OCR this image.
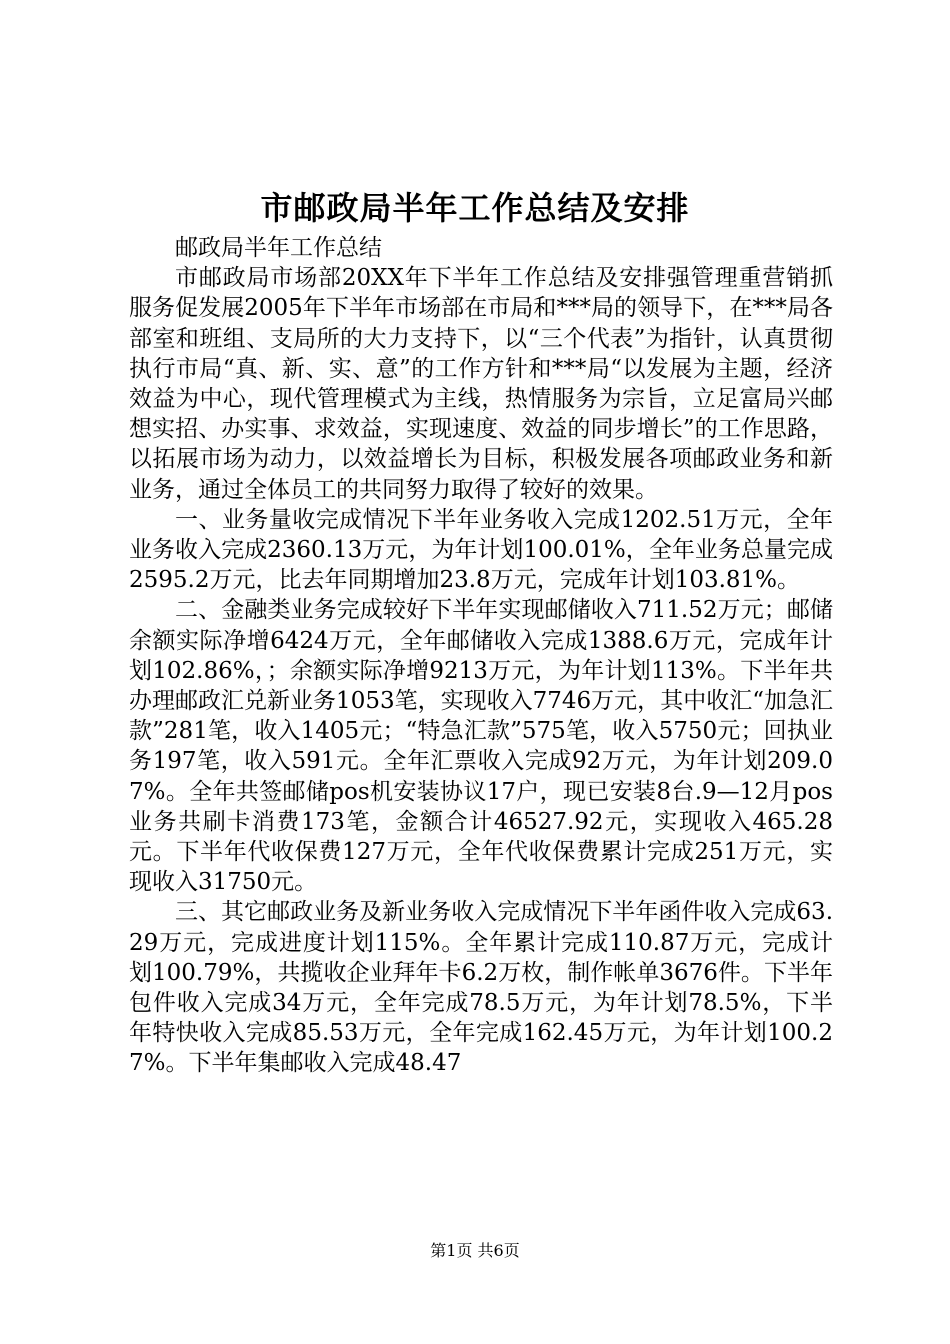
市邮政局半年工作总结及安排

邮政局半年工作总结

市邮政局市场部20XX年下半年工作总结及安排强管理重营销抓服务促发展2005年下半年市场部在市局和***局的领导下，在***局各部室和班组、支局所的大力支持下，以“三个代表”为指针，认真贯彻执行市局“真、新、实、意”的工作方针和***局“以发展为主题，经济效益为中心，现代管理模式为主线，热情服务为宗旨，立足富局兴邮想实招、办实事、求效益，实现速度、效益的同步增长”的工作思路，以拓展市场为动力，以效益增长为目标，积极发展各项邮政业务和新业务，通过全体员工的共同努力取得了较好的效果。

一、业务量收完成情况下半年业务收入完成1202.51万元，全年业务收入完成2360.13万元，为年计划100.01%，全年业务总量完成2595.2万元，比去年同期增加23.8万元，完成年计划103.81%。

二、金融类业务完成较好下半年实现邮储收入711.52万元；邮储余额实际净增6424万元，全年邮储收入完成1388.6万元，完成年计划102.86%，；余额实际净增9213万元，为年计划113%。下半年共办理邮政汇兑新业务1053笔，实现收入7746万元，其中收汇“加急汇款”281笔，收入1405元；“特急汇款”575笔，收入5750元；回执业务197笔，收入591元。全年汇票收入完成92万元，为年计划209.07%。全年共签邮储pos机安装协议17户，现已安装8台.9—12月pos业务共刷卡消费173笔，金额合计46527.92元，实现收入465.28元。下半年代收保费127万元，全年代收保费累计完成251万元，实现收入31750元。

三、其它邮政业务及新业务收入完成情况下半年函件收入完成63.29万元，完成进度计划115%。全年累计完成110.87万元，完成计划100.79%，共揽收企业拜年卡6.2万枚，制作帐单3676件。下半年包件收入完成34万元，全年完成78.5万元，为年计划78.5%，下半年特快收入完成85.53万元，全年完成162.45万元，为年计划100.27%。下半年集邮收入完成48.47

第1页 共6页
